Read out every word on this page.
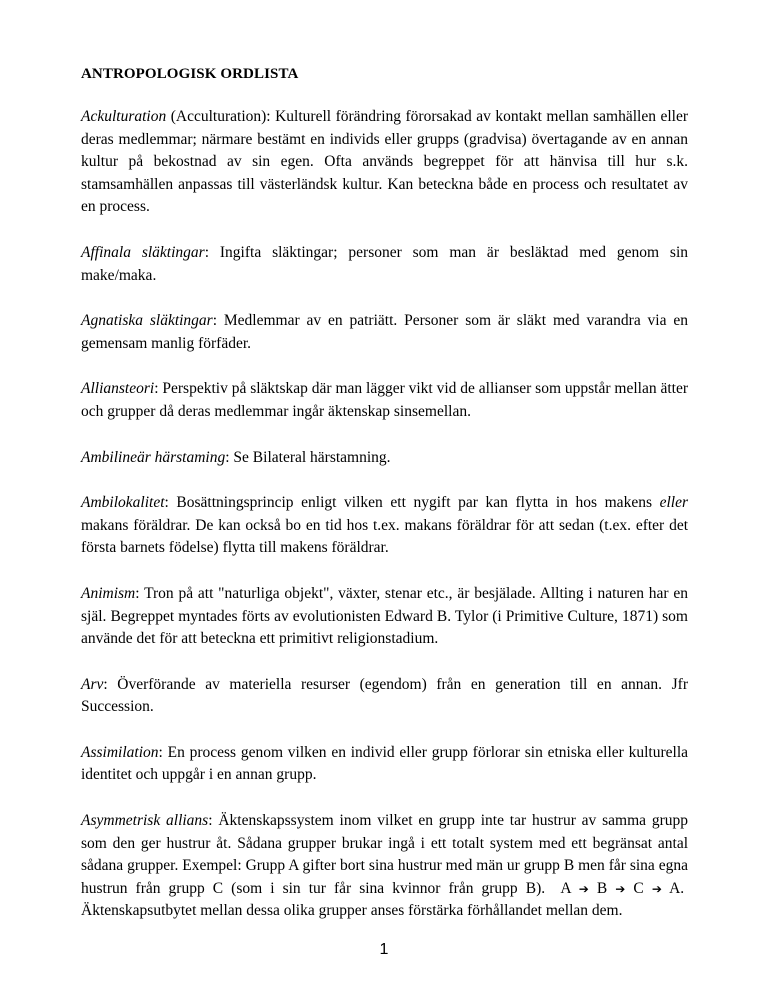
ANTROPOLOGISK ORDLISTA

Ackulturation (Acculturation): Kulturell förändring förorsakad av kontakt mellan samhällen eller deras medlemmar; närmare bestämt en individs eller grupps (gradvisa) övertagande av en annan kultur på bekostnad av sin egen. Ofta används begreppet för att hänvisa till hur s.k. stamsamhällen anpassas till västerländsk kultur. Kan beteckna både en process och resultatet av en process.

Affinala släktingar: Ingifta släktingar; personer som man är besläktad med genom sin make/maka.

Agnatiska släktingar: Medlemmar av en patriätt. Personer som är släkt med varandra via en gemensam manlig förfäder.

Alliansteori: Perspektiv på släktskap där man lägger vikt vid de allianser som uppstår mellan ätter och grupper då deras medlemmar ingår äktenskap sinsemellan.

Ambilineär härstaming: Se Bilateral härstamning.

Ambilokalitet: Bosättningsprincip enligt vilken ett nygift par kan flytta in hos makens eller makans föräldrar. De kan också bo en tid hos t.ex. makans föräldrar för att sedan (t.ex. efter det första barnets födelse) flytta till makens föräldrar.

Animism: Tron på att "naturliga objekt", växter, stenar etc., är besjälade. Allting i naturen har en själ. Begreppet myntades förts av evolutionisten Edward B. Tylor (i Primitive Culture, 1871) som använde det för att beteckna ett primitivt religionstadium.

Arv: Överförande av materiella resurser (egendom) från en generation till en annan. Jfr Succession.

Assimilation: En process genom vilken en individ eller grupp förlorar sin etniska eller kulturella identitet och uppgår i en annan grupp.

Asymmetrisk allians: Äktenskapssystem inom vilket en grupp inte tar hustrur av samma grupp som den ger hustrur åt. Sådana grupper brukar ingå i ett totalt system med ett begränsat antal sådana grupper. Exempel: Grupp A gifter bort sina hustrur med män ur grupp B men får sina egna hustrun från grupp C (som i sin tur får sina kvinnor från grupp B). A ➔ B ➔ C ➔ A.  Äktenskapsutbytet mellan dessa olika grupper anses förstärka förhållandet mellan dem.

1
